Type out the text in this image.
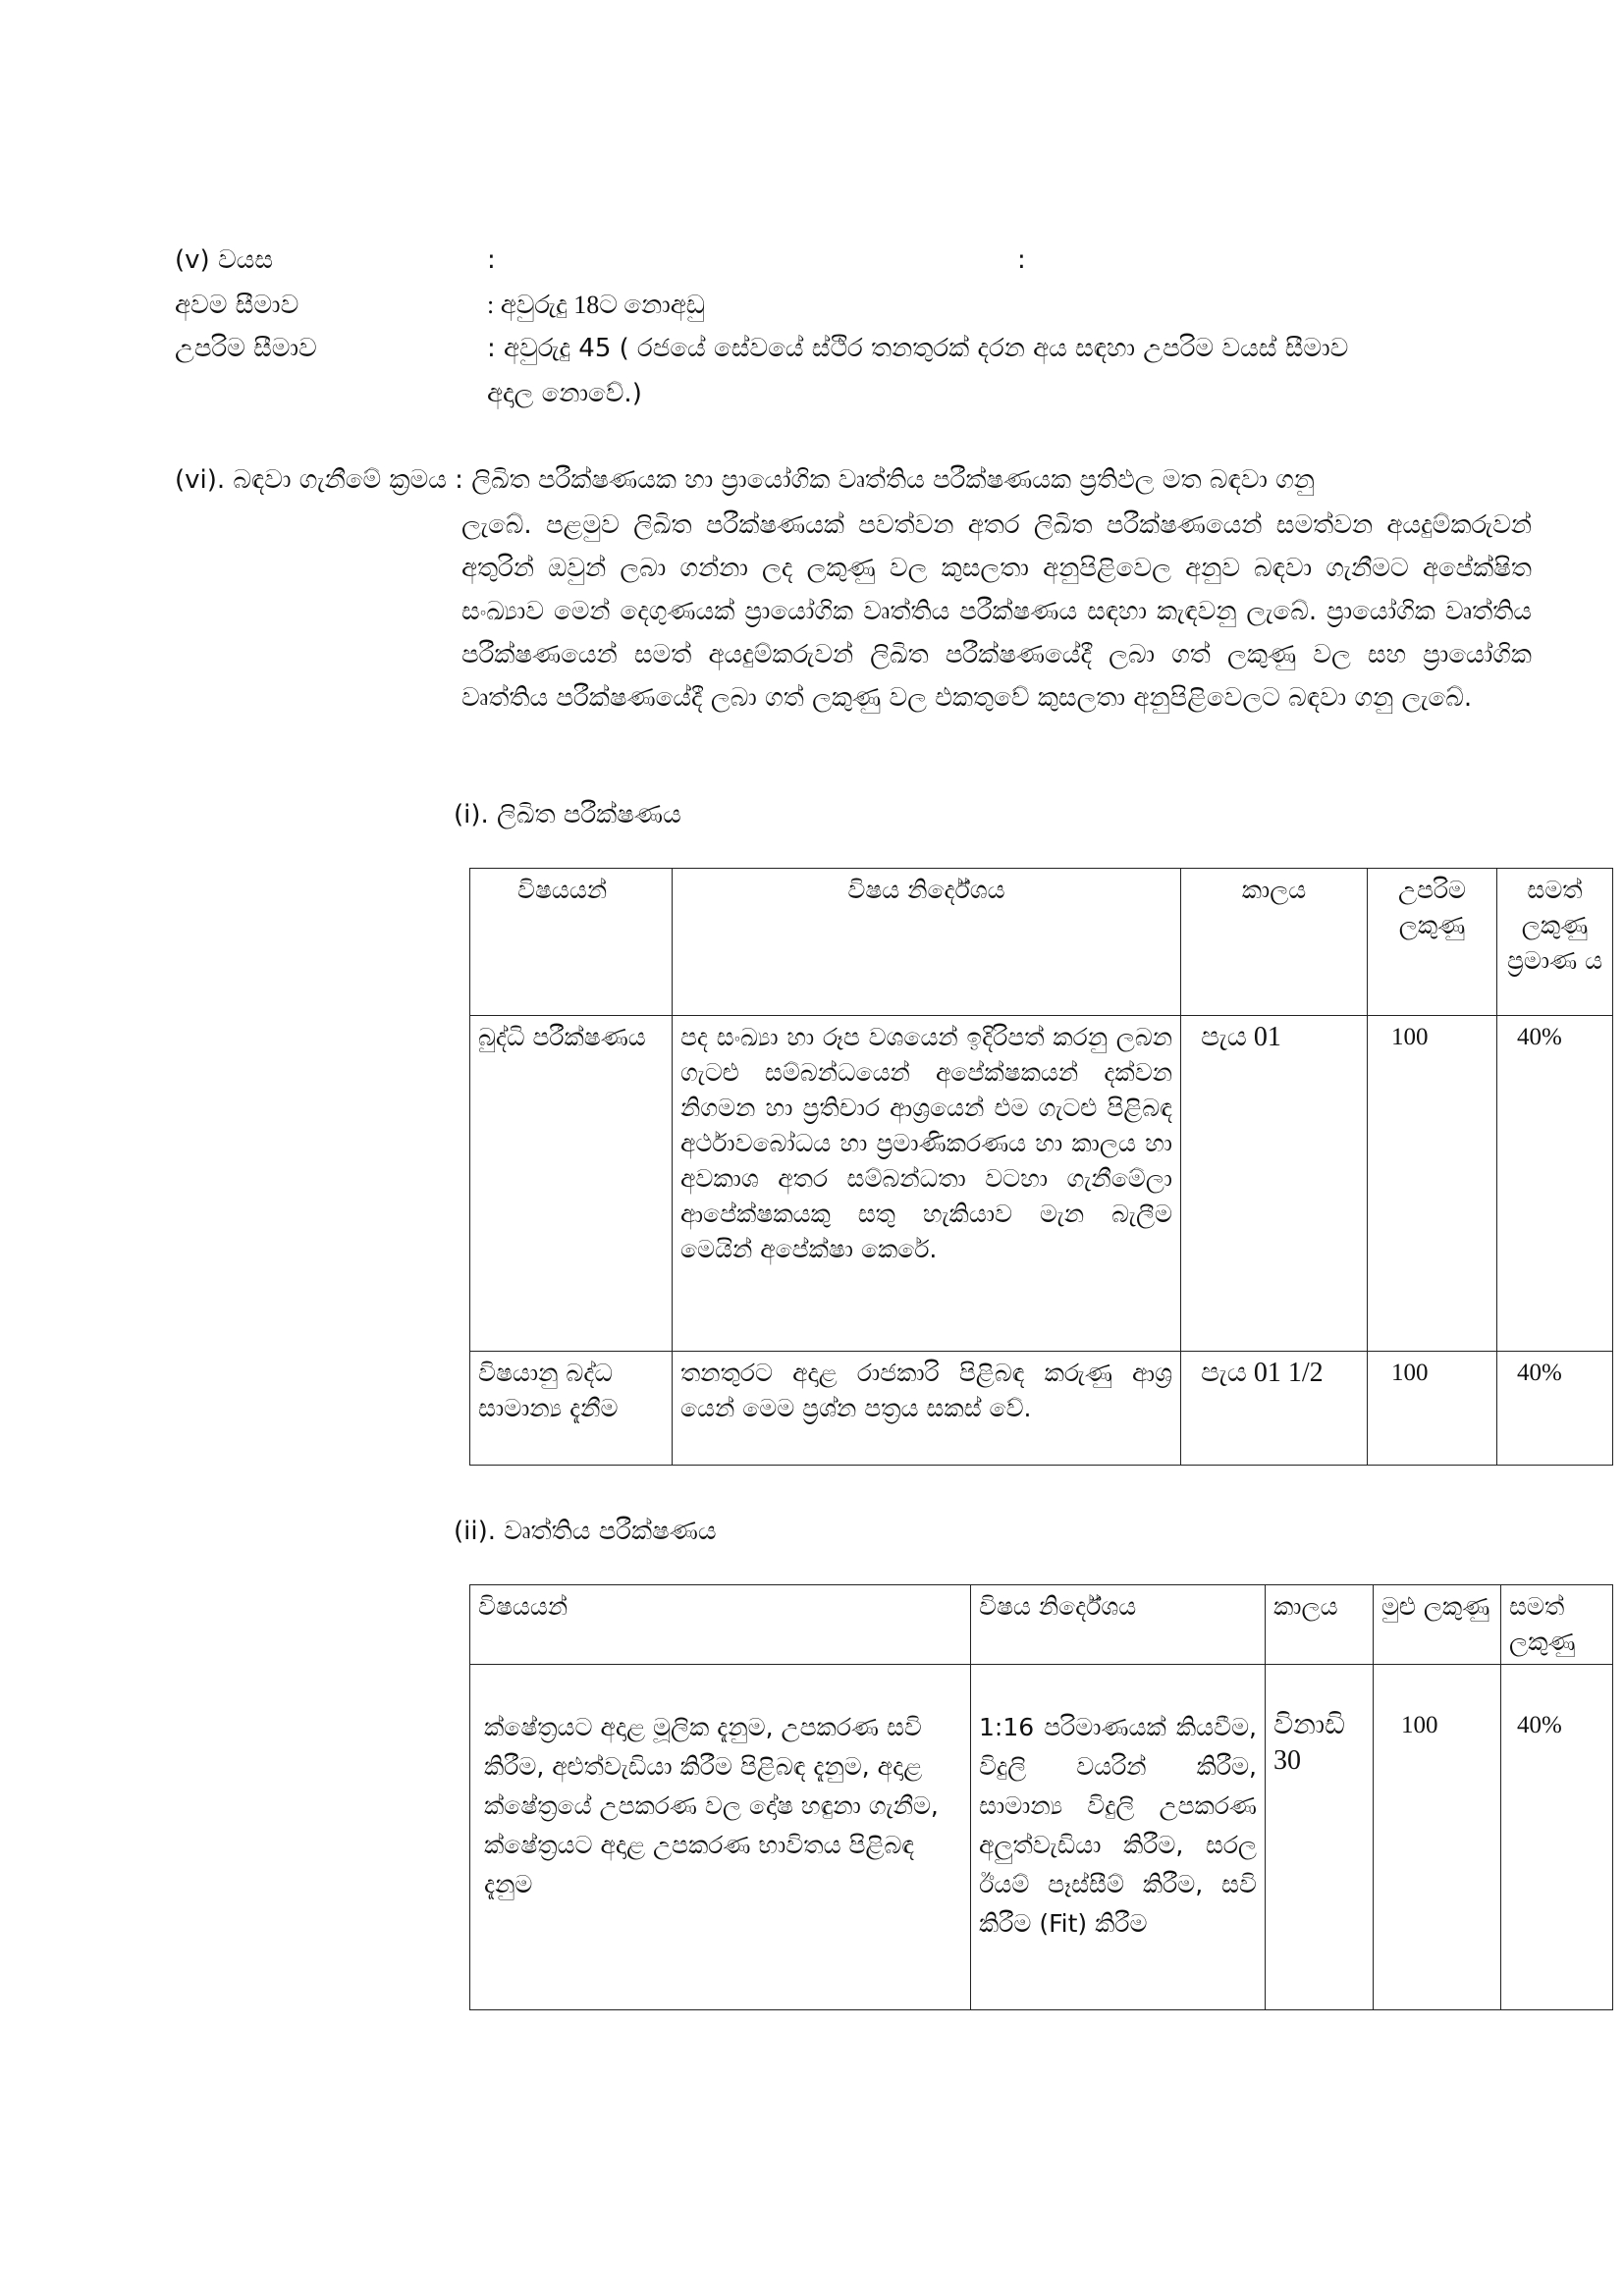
(v) වයස	:	:
අවම සීමාව	: අවුරුදු 18ට නොඅඩු
උපරිම සීමාව	: අවුරුදු 45 ( රජයේ සේවයේ ස්ථිර තනතුරක් දරන අය සඳහා උපරිම වයස් සීමාව
අදාල නොවේ.)
(vi). බඳවා ගැනීමේ ක්‍රමය : ලිඛිත පරීක්ෂණයක හා ප්‍රායෝගික වෘත්තිය පරීක්ෂණයක ප්‍රතිඵල මත බඳවා ගනු
ලැබේ. පළමුව ලිඛිත පරීක්ෂණයක් පවත්වන අතර ලිඛිත පරීක්ෂණයෙන් සමත්වන අයදුම්කරුවන් අතුරින් ඔවුන් ලබා ගන්නා ලද ලකුණු වල කුසලතා අනුපිළිවෙල අනුව බඳවා ගැනීමට අපේක්ෂිත සංඛ්‍යාව මෙන් දෙගුණයක් ප්‍රායෝගික වෘත්තිය පරීක්ෂණය සඳහා කැඳවනු ලැබේ. ප්‍රායෝගික වෘත්තිය පරීක්ෂණයෙන් සමත් අයදුම්කරුවන් ලිඛිත පරීක්ෂණයේදී ලබා ගත් ලකුණු වල සහ ප්‍රායෝගික වෘත්තිය පරීක්ෂණයේදී ලබා ගත් ලකුණු වල එකතුවේ කුසලතා අනුපිළිවෙලට බඳවා ගනු ලැබේ.
(i). ලිඛිත පරීක්ෂණය
විෂයයන්	විෂය නිර්දේශය	කාලය	උපරිම ලකුණු	සමත් ලකුණු ප්‍රමාණ ය
බුද්ධි පරීක්ෂණය	පද සංඛ්‍යා හා රූප වශයෙන් ඉදිරිපත් කරනු ලබන ගැටළු සම්බන්ධයෙන් අපේක්ෂකයන් දක්වන නිගමන හා ප්‍රතිචාර ආශ්‍රයෙන් එම ගැටළු පිළිබඳ අර්ථාවබෝධය හා ප්‍රමාණිකරණය හා කාලය හා අවකාශ අතර සම්බන්ධතා වටහා ගැනීමේලා ආපේක්ෂකයකු සතු හැකියාව මැන බැලීම මෙයින් අපේක්ෂා කෙරේ.	පැය 01	100	40%
විෂයානු බද්ධ සාමාන්‍ය දැනීම	තනතුරට අදාළ රාජකාරි පිළිබඳ කරුණු ආශ්‍ර යෙන් මෙම ප්‍රශ්න පත්‍රය සකස් වේ.	පැය 01 1/2	100	40%
(ii). වෘත්තිය පරීක්ෂණය
විෂයයන්	විෂය නිර්දේශය	කාලය	මුළු ලකුණු	සමත් ලකුණු
ක්ෂේත්‍රයට අදාළ මූලික දැනුම, උපකරණ සවි කිරීම, අළුත්වැඩියා කිරීම පිළිබඳ දැනුම, අදාළ ක්ෂේත්‍රයේ උපකරණ වල දෝෂ හඳුනා ගැනීම, ක්ෂේත්‍රයට අදාළ උපකරණ භාවිතය පිළිබඳ දැනුම	1:16 පරිමාණයක් කියවීම, විදුලි වයරින් කිරීම, සාමාන්‍ය විදුලි උපකරණ අලුත්වැඩියා කිරීම, සරල ඊයම් පෑස්සීම් කිරීම, සවි කිරීම (Fit) කිරීම	විනාඩි 30	100	40%
